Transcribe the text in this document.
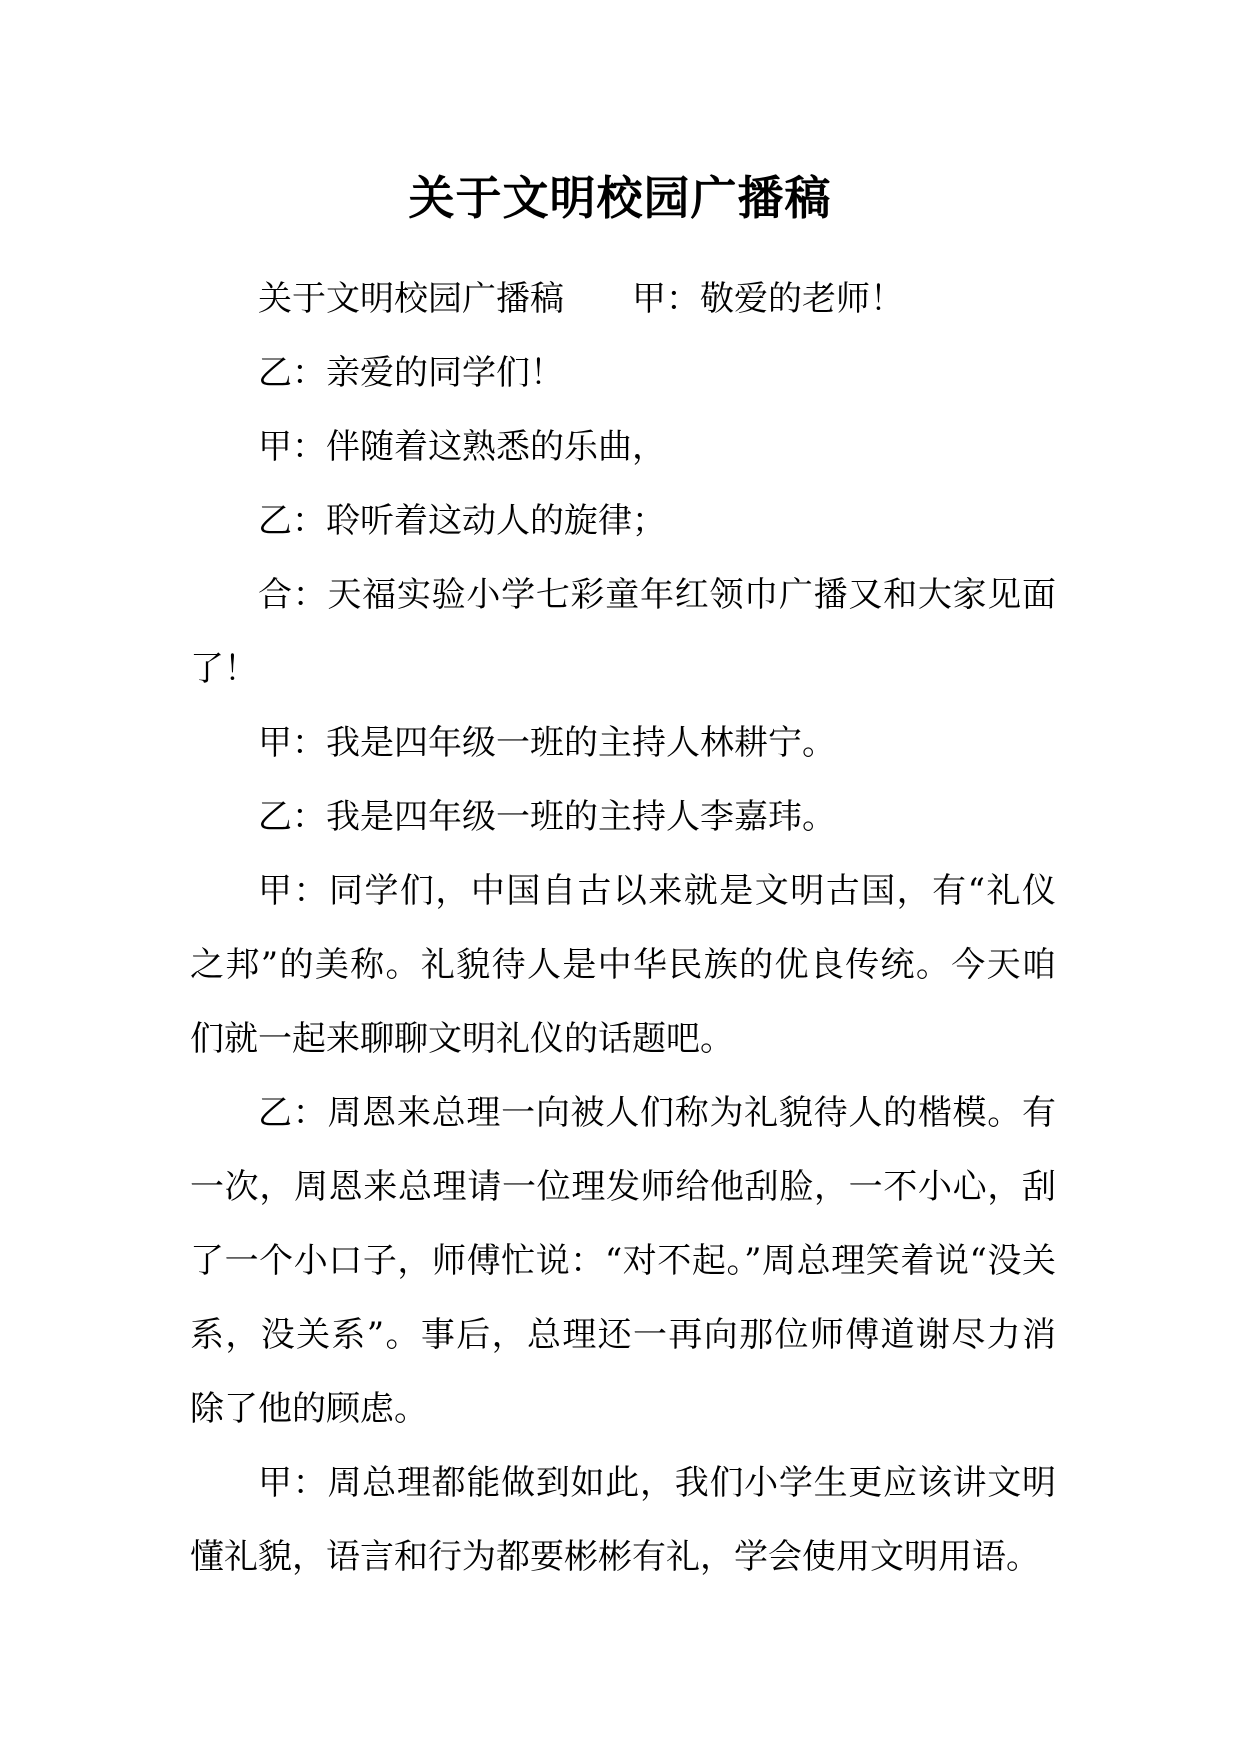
关于文明校园广播稿

关于文明校园广播稿 甲：敬爱的老师！

乙：亲爱的同学们！

甲：伴随着这熟悉的乐曲，

乙：聆听着这动人的旋律；

合：天福实验小学七彩童年红领巾广播又和大家见面了！

甲：我是四年级一班的主持人林耕宁。

乙：我是四年级一班的主持人李嘉玮。

甲：同学们，中国自古以来就是文明古国，有“礼仪之邦”的美称。礼貌待人是中华民族的优良传统。今天咱们就一起来聊聊文明礼仪的话题吧。

乙：周恩来总理一向被人们称为礼貌待人的楷模。有一次，周恩来总理请一位理发师给他刮脸，一不小心，刮了一个小口子，师傅忙说：“对不起。”周总理笑着说“没关系，没关系”。事后，总理还一再向那位师傅道谢尽力消除了他的顾虑。

甲：周总理都能做到如此，我们小学生更应该讲文明懂礼貌，语言和行为都要彬彬有礼，学会使用文明用语。
